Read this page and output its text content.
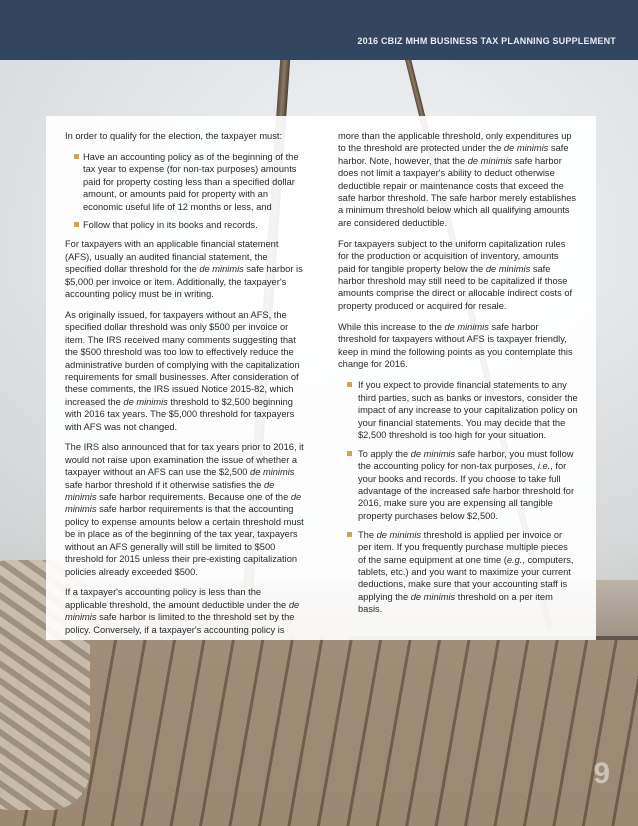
2016 CBIZ MHM BUSINESS TAX PLANNING SUPPLEMENT

In order to qualify for the election, the taxpayer must:

Have an accounting policy as of the beginning of the tax year to expense (for non-tax purposes) amounts paid for property costing less than a specified dollar amount, or amounts paid for property with an economic useful life of 12 months or less, and
Follow that policy in its books and records.

For taxpayers with an applicable financial statement (AFS), usually an audited financial statement, the specified dollar threshold for the de minimis safe harbor is $5,000 per invoice or item. Additionally, the taxpayer's accounting policy must be in writing.

As originally issued, for taxpayers without an AFS, the specified dollar threshold was only $500 per invoice or item. The IRS received many comments suggesting that the $500 threshold was too low to effectively reduce the administrative burden of complying with the capitalization requirements for small businesses. After consideration of these comments, the IRS issued Notice 2015-82, which increased the de minimis threshold to $2,500 beginning with 2016 tax years. The $5,000 threshold for taxpayers with AFS was not changed.

The IRS also announced that for tax years prior to 2016, it would not raise upon examination the issue of whether a taxpayer without an AFS can use the $2,500 de minimis safe harbor threshold if it otherwise satisfies the de minimis safe harbor requirements. Because one of the de minimis safe harbor requirements is that the accounting policy to expense amounts below a certain threshold must be in place as of the beginning of the tax year, taxpayers without an AFS generally will still be limited to $500 threshold for 2015 unless their pre-existing capitalization policies already exceeded $500.

If a taxpayer's accounting policy is less than the applicable threshold, the amount deductible under the de minimis safe harbor is limited to the threshold set by the policy. Conversely, if a taxpayer's accounting policy is

more than the applicable threshold, only expenditures up to the threshold are protected under the de minimis safe harbor. Note, however, that the de minimis safe harbor does not limit a taxpayer's ability to deduct otherwise deductible repair or maintenance costs that exceed the safe harbor threshold. The safe harbor merely establishes a minimum threshold below which all qualifying amounts are considered deductible.

For taxpayers subject to the uniform capitalization rules for the production or acquisition of inventory, amounts paid for tangible property below the de minimis safe harbor threshold may still need to be capitalized if those amounts comprise the direct or allocable indirect costs of property produced or acquired for resale.

While this increase to the de minimis safe harbor threshold for taxpayers without AFS is taxpayer friendly, keep in mind the following points as you contemplate this change for 2016.

If you expect to provide financial statements to any third parties, such as banks or investors, consider the impact of any increase to your capitalization policy on your financial statements. You may decide that the $2,500 threshold is too high for your situation.
To apply the de minimis safe harbor, you must follow the accounting policy for non-tax purposes, i.e., for your books and records. If you choose to take full advantage of the increased safe harbor threshold for 2016, make sure you are expensing all tangible property purchases below $2,500.
The de minimis threshold is applied per invoice or per item. If you frequently purchase multiple pieces of the same equipment at one time (e.g., computers, tablets, etc.) and you want to maximize your current deductions, make sure that your accounting staff is applying the de minimis threshold on a per item basis.
9
